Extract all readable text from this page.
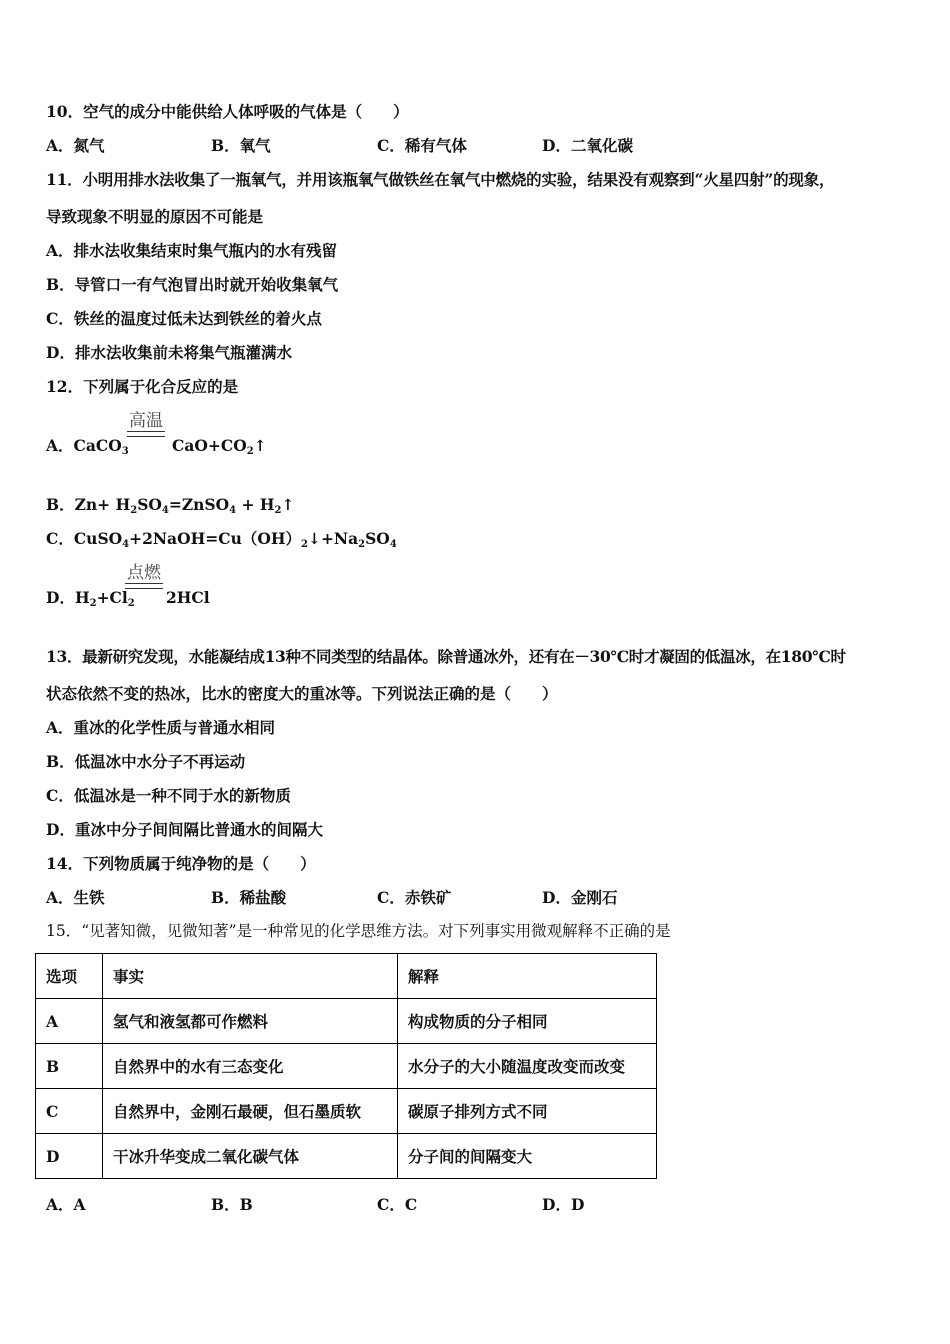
10．空气的成分中能供给人体呼吸的气体是（　　）
A．氮气	B．氧气	C．稀有气体	D．二氧化碳
11．小明用排水法收集了一瓶氧气，并用该瓶氧气做铁丝在氧气中燃烧的实验，结果没有观察到“火星四射”的现象，
导致现象不明显的原因不可能是
A．排水法收集结束时集气瓶内的水有残留
B．导管口一有气泡冒出时就开始收集氧气
C．铁丝的温度过低未达到铁丝的着火点
D．排水法收集前未将集气瓶灌满水
12．下列属于化合反应的是
A．CaCO$_3$
高温
$CaO+CO_2↑$
B．$Zn+ H_2SO_4=ZnSO_4$ + $H_2↑$
C．$CuSO_4+2NaOH=Cu(OH)_2↓+Na_2SO_4$
D．$H_2+Cl_2$
点燃
2HCl
13．最新研究发现，水能凝结成13种不同类型的结晶体。除普通冰外，还有在－30℃时才凝固的低温冰，在180℃时
状态依然不变的热冰，比水的密度大的重冰等。下列说法正确的是（　　）
A．重冰的化学性质与普通水相同
B．低温冰中水分子不再运动
C．低温冰是一种不同于水的新物质
D．重冰中分子间间隔比普通水的间隔大
14．下列物质属于纯净物的是（　　）
A．生铁	B．稀盐酸	C．赤铁矿	D．金刚石
15．“见著知微，见微知著”是一种常见的化学思维方法。对下列事实用微观解释不正确的是
选项	事实	解释
A	氢气和液氢都可作燃料	构成物质的分子相同
B	自然界中的水有三态变化	水分子的大小随温度改变而改变
C	自然界中，金刚石最硬，但石墨质软	碳原子排列方式不同
D	干冰升华变成二氧化碳气体	分子间的间隔变大
A．A	B．B	C．C	D．D
